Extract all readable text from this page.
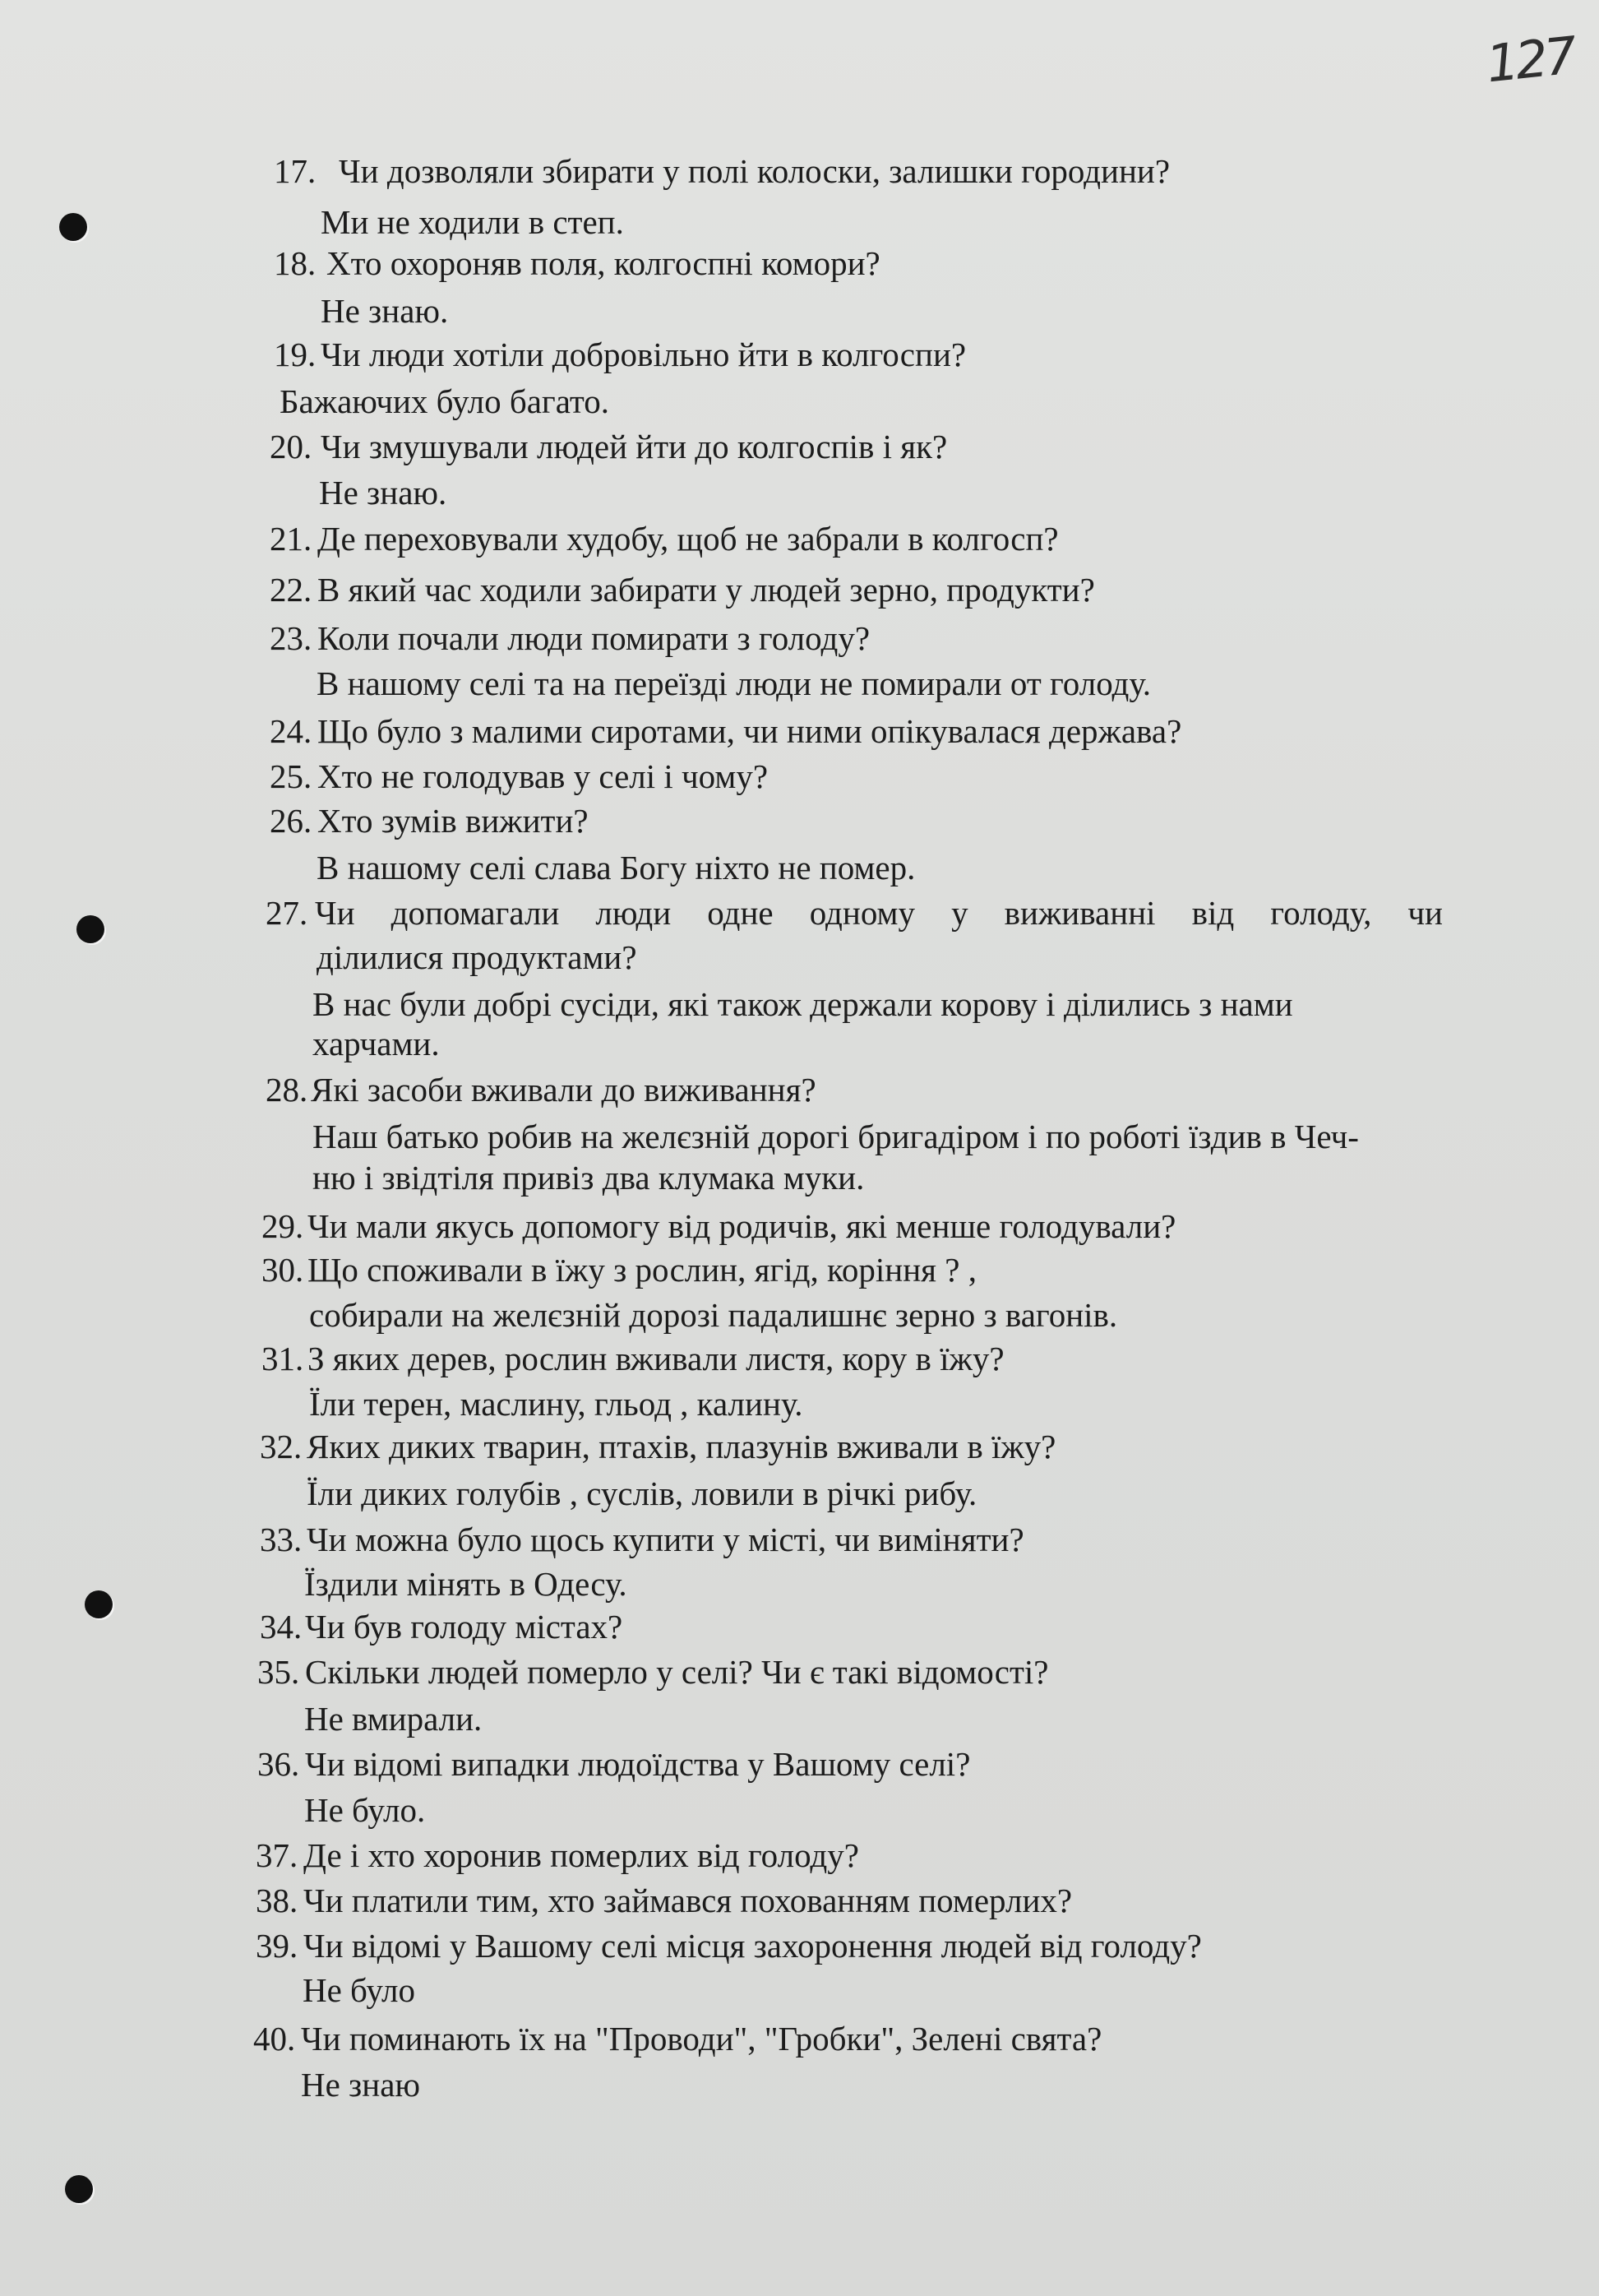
127
17. Чи дозволяли збирати у полі колоски, залишки городини?
Ми не ходили в степ.
18. Хто охороняв поля, колгоспні комори?
Не знаю.
19. Чи люди хотіли добровільно йти в колгоспи?
Бажаючих було багато.
20. Чи змушували людей йти до колгоспів і як?
Не знаю.
21. Де переховували худобу, щоб не забрали в колгосп?
22. В який час ходили забирати у людей зерно, продукти?
23. Коли почали люди помирати з голоду?
В нашому селі та на переїзді люди не помирали от голоду.
24. Що було з малими сиротами, чи ними опікувалася держава?
25. Хто не голодував у селі і чому?
26. Хто зумів вижити?
В нашому селі слава Богу ніхто не помер.
27. Чи допомагали люди одне одному у виживанні від голоду, чи
ділилися продуктами?
В нас були добрі сусіди, які також держали корову і ділились з нами
харчами.
28. Які засоби вживали до виживання?
Наш батько робив на желєзній дорогі бригадіром і по роботі їздив в Чеч-
ню і звідтіля привіз два клумака муки.
29. Чи мали якусь допомогу від родичів, які менше голодували?
30. Що споживали в їжу з рослин, ягід, коріння ? ,
собирали на желєзній дорозі падалишнє зерно з вагонів.
31. З яких дерев, рослин вживали листя, кору в їжу?
Їли терен, маслину, гльод , калину.
32. Яких диких тварин, птахів, плазунів вживали в їжу?
Їли диких голубів , суслів, ловили в річкі рибу.
33. Чи можна було щось купити у місті, чи виміняти?
Їздили мінять в Одесу.
34. Чи був голоду містах?
35. Скільки людей померло у селі? Чи є такі відомості?
Не вмирали.
36. Чи відомі випадки людоїдства у Вашому селі?
Не було.
37. Де і хто хоронив померлих від голоду?
38. Чи платили тим, хто займався похованням померлих?
39. Чи відомі у Вашому селі місця захоронення людей від голоду?
Не було
40. Чи поминають їх на "Проводи", "Гробки", Зелені свята?
Не знаю
